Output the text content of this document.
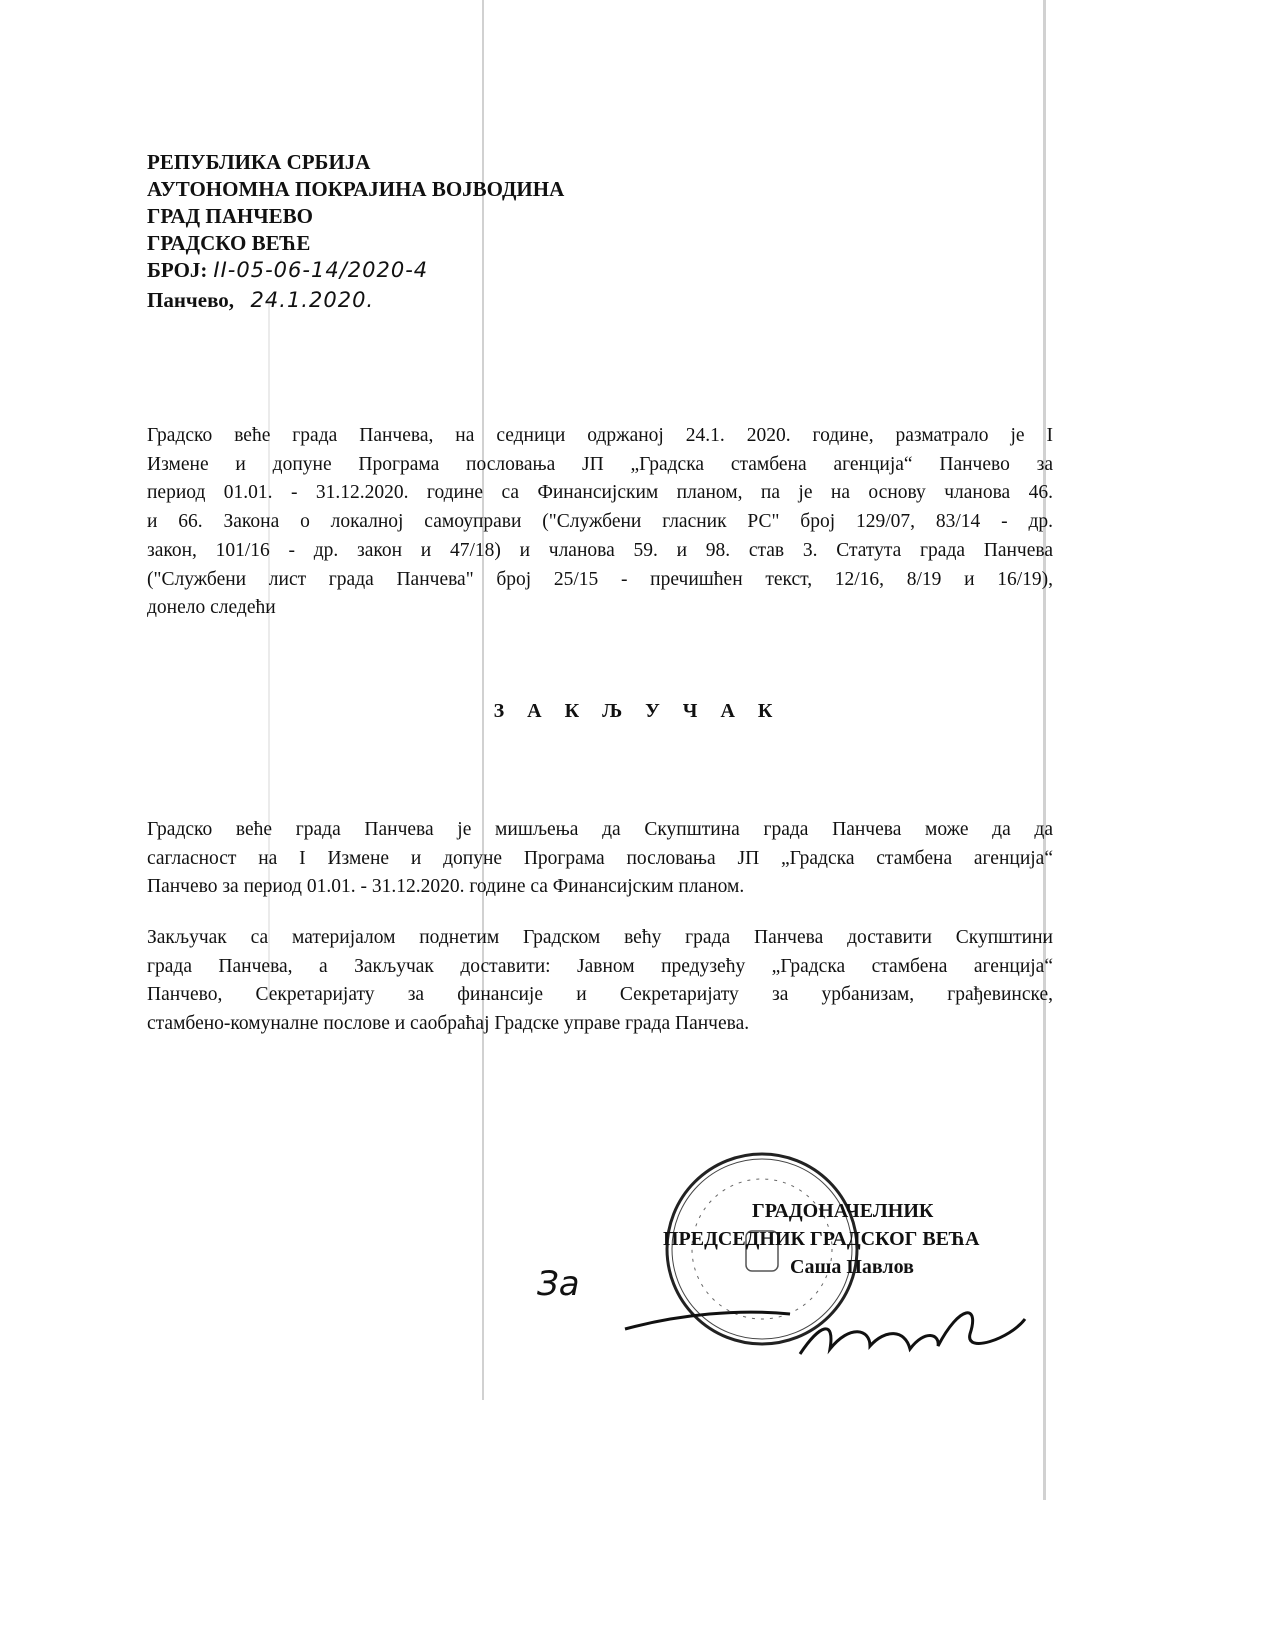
РЕПУБЛИКА СРБИЈА
АУТОНОМНА ПОКРАЈИНА ВОЈВОДИНА
ГРАД ПАНЧЕВО
ГРАДСКО ВЕЋЕ
БРОЈ: II-05-06-14/2020-4
Панчево, 24.1.2020.
Градско веће града Панчева, на седници одржаној 24.1. 2020. године, разматрало је I
Измене и допуне Програма пословања ЈП „Градска стамбена агенција“ Панчево за
период 01.01. - 31.12.2020. године са Финансијским планом, па је на основу чланова 46.
и 66. Закона о локалној самоуправи ("Службени гласник РС" број 129/07, 83/14 - др.
закон, 101/16 - др. закон и 47/18) и чланова 59. и 98. став 3. Статута града Панчева
("Службени лист града Панчева" број 25/15 - пречишћен текст, 12/16, 8/19 и 16/19),
донело следећи
З А К Љ У Ч А К
Градско веће града Панчева је мишљења да Скупштина града Панчева може да да
сагласност на I Измене и допуне Програма пословања ЈП „Градска стамбена агенција“
Панчево за период 01.01. - 31.12.2020. године са Финансијским планом.
Закључак са материјалом поднетим Градском већу града Панчева доставити Скупштини
града Панчева, а Закључак доставити: Јавном предузећу „Градска стамбена агенција“
Панчево, Секретаријату за финансије и Секретаријату за урбанизам, грађевинске,
стамбено-комуналне послове и саобраћај Градске управе града Панчева.
ГРАДОНАЧЕЛНИК
ПРЕДСЕДНИК ГРАДСКОГ ВЕЋА
Саша Павлов
За
